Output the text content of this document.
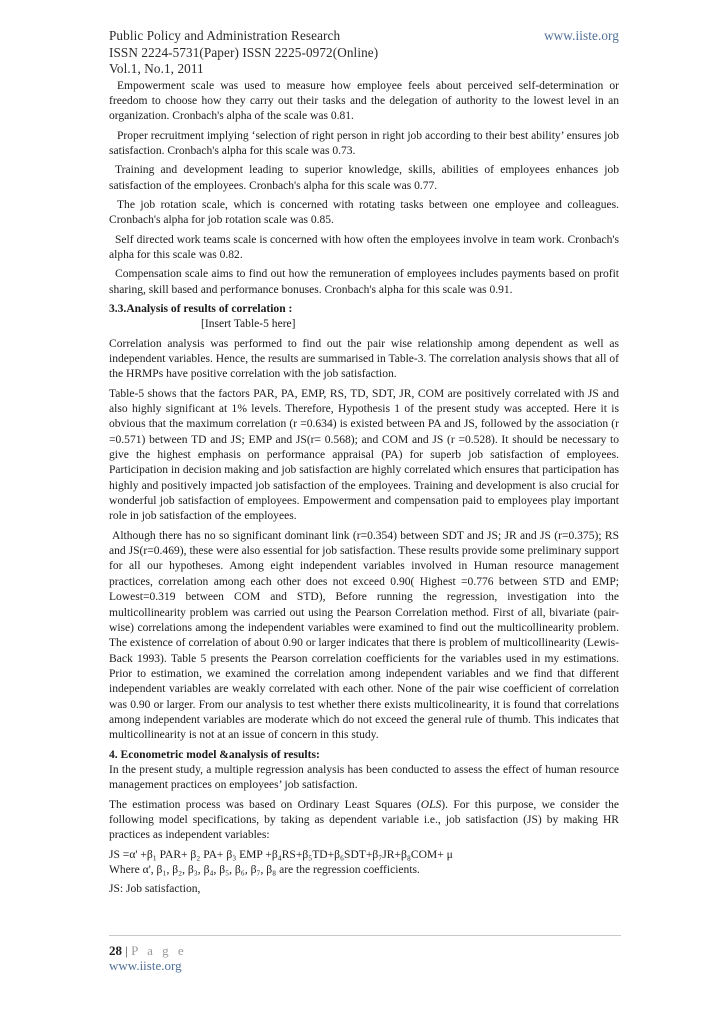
Public Policy and Administration Research	www.iiste.org
ISSN 2224-5731(Paper) ISSN 2225-0972(Online)
Vol.1, No.1, 2011

Empowerment scale was used to measure how employee feels about perceived self-determination or freedom to choose how they carry out their tasks and the delegation of authority to the lowest level in an organization. Cronbach's alpha of the scale was 0.81.

Proper recruitment implying ‘selection of right person in right job according to their best ability’ ensures job satisfaction. Cronbach's alpha for this scale was 0.73.

Training and development leading to superior knowledge, skills, abilities of employees enhances job satisfaction of the employees. Cronbach's alpha for this scale was 0.77.

The job rotation scale, which is concerned with rotating tasks between one employee and colleagues. Cronbach's alpha for job rotation scale was 0.85.

Self directed work teams scale is concerned with how often the employees involve in team work. Cronbach's alpha for this scale was 0.82.

Compensation scale aims to find out how the remuneration of employees includes payments based on profit sharing, skill based and performance bonuses. Cronbach's alpha for this scale was 0.91.

3.3.Analysis of results of correlation :

[Insert Table-5 here]

Correlation analysis was performed to find out the pair wise relationship among dependent as well as independent variables. Hence, the results are summarised in Table-3. The correlation analysis shows that all of the HRMPs have positive correlation with the job satisfaction.

Table-5 shows that the factors PAR, PA, EMP, RS, TD, SDT, JR, COM are positively correlated with JS and also highly significant at 1% levels. Therefore, Hypothesis 1 of the present study was accepted. Here it is obvious that the maximum correlation (r =0.634) is existed between PA and JS, followed by the association (r =0.571) between TD and JS; EMP and JS(r= 0.568); and COM and JS (r =0.528). It should be necessary to give the highest emphasis on performance appraisal (PA) for superb job satisfaction of employees. Participation in decision making and job satisfaction are highly correlated which ensures that participation has highly and positively impacted job satisfaction of the employees. Training and development is also crucial for wonderful job satisfaction of employees. Empowerment and compensation paid to employees play important role in job satisfaction of the employees.

Although there has no so significant dominant link (r=0.354) between SDT and JS; JR and JS (r=0.375); RS and JS(r=0.469), these were also essential for job satisfaction. These results provide some preliminary support for all our hypotheses. Among eight independent variables involved in Human resource management practices, correlation among each other does not exceed 0.90( Highest =0.776 between STD and EMP; Lowest=0.319 between COM and STD), Before running the regression, investigation into the multicollinearity problem was carried out using the Pearson Correlation method. First of all, bivariate (pair-wise) correlations among the independent variables were examined to find out the multicollinearity problem. The existence of correlation of about 0.90 or larger indicates that there is problem of multicollinearity (Lewis-Back 1993). Table 5 presents the Pearson correlation coefficients for the variables used in my estimations. Prior to estimation, we examined the correlation among independent variables and we find that different independent variables are weakly correlated with each other. None of the pair wise coefficient of correlation was 0.90 or larger. From our analysis to test whether there exists multicolinearity, it is found that correlations among independent variables are moderate which do not exceed the general rule of thumb. This indicates that multicollinearity is not at an issue of concern in this study.

4. Econometric model &analysis of results:

In the present study, a multiple regression analysis has been conducted to assess the effect of human resource management practices on employees’ job satisfaction.

The estimation process was based on Ordinary Least Squares (OLS). For this purpose, we consider the following model specifications, by taking as dependent variable i.e., job satisfaction (JS) by making HR practices as independent variables:

JS =α' +β₁ PAR+ β₂ PA+ β₃ EMP +β₄RS+β₅TD+β₆SDT+β₇JR+β₈COM+ μ

Where α', β₁, β₂, β₃, β₄, β₅, β₆, β₇, β₈ are the regression coefficients.

JS: Job satisfaction,

28 | P a g e
www.iiste.org
